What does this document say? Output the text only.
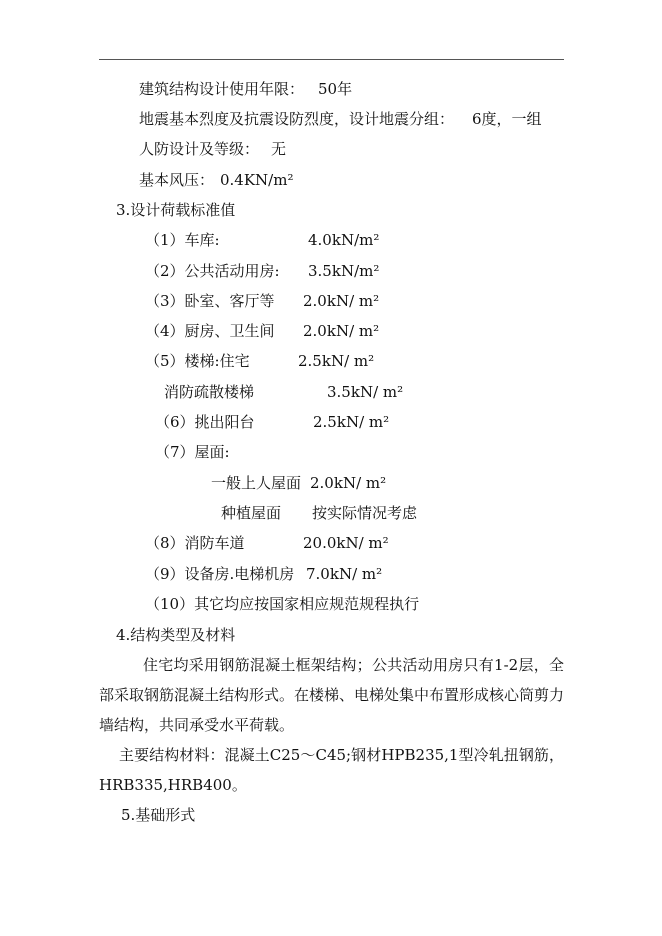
建筑结构设计使用年限： 50年
地震基本烈度及抗震设防烈度，设计地震分组： 6度，一组
人防设计及等级： 无
基本风压： 0.4KN/m²
3.设计荷载标准值
（1）车库:	4.0kN/m²
（2）公共活动用房: 3.5kN/m²
（3）卧室、客厅等 2.0kN/ m²
（4）厨房、卫生间 2.0kN/ m²
（5）楼梯:住宅	2.5kN/ m²
消防疏散楼梯	3.5kN/ m²
（6）挑出阳台	2.5kN/ m²
（7）屋面:
一般上人屋面 2.0kN/ m²
种植屋面 按实际情况考虑
（8）消防车道	20.0kN/ m²
（9）设备房.电梯机房 7.0kN/ m²
（10）其它均应按国家相应规范规程执行
4.结构类型及材料
住宅均采用钢筋混凝土框架结构；公共活动用房只有1-2层，全部采取钢筋混凝土结构形式。在楼梯、电梯处集中布置形成核心筒剪力墙结构，共同承受水平荷载。
主要结构材料：混凝土C25～C45;钢材HPB235,1型冷轧扭钢筋，HRB335,HRB400。
5.基础形式
